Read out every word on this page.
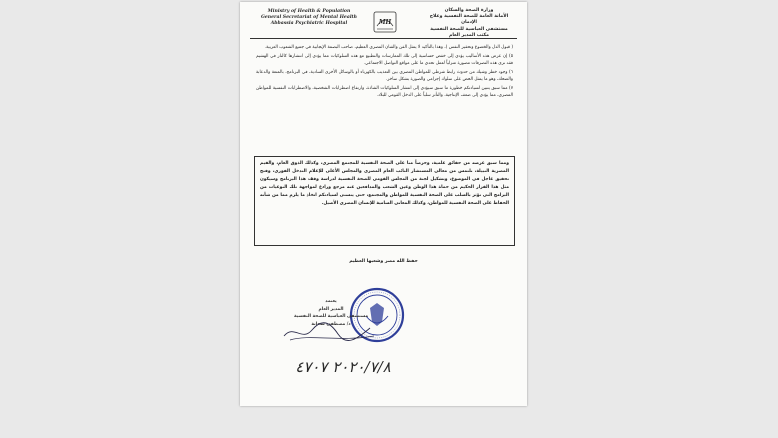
Ministry of Health & Population
General Secretariat of Mental Health
Abbassia Psychiatric Hospital	MH
وزارة الصحة والسكان
الأمانة العامة للصحة النفسية وعلاج الإدمان
مستشفى العباسية للصحة النفسية
مكتب المدير العام

( قبول الذل والخضوع وتحقير النفس )، وهذا بالتأكيد لا يمثل الفن والفنان المصري العظيم، صاحب البصمة الإيجابية في جميع الشعوب العربية.

٥) إن عرض هذه الأساليب يؤدي إلى خفض حساسية إلى تلك الممارسات والتطبيع مع هذه السلوكيات مما يؤدي إلى انتشارها كالنار في الهشيم فقد نرى هذه التصرفات مصورة منزلياً لعمل تحدي ما على مواقع التواصل الاجتماعي.

٦) وجود خطر وشيك من حدوث رابط شرطي للمواطن المصري بين التعذيب بالكهرباء أو بالوسائل الأخرى السادية، في البرنامج، بالمتعة والدعابة والضحك، وهو ما يمثل الحض على سلوك إجرامي والصورة بشكل ساخر.

٧) مما سبق يتبين لسيادتكم خطورة ما سبق سيؤدي إلى انتشار السلوكيات الشاذة، وارتفاع اضطرابات الشخصية، والاضطرابات النفسية للمواطن المصري، مما يؤدي إلى ضعف الإنتاجية، والتأثر سلباً على الدخل القومي للبلاد.

ومما سبق عرضه من حقائق علمية، وحرصاً منا على الصحة النفسية للمجتمع المصري، وكذلك الذوق العام، والقيم المصرية النبيلة، نلتمس من معالي المستشار النائب العام المصري والمجلس الأعلى للإعلام التدخل الفوري، وفتح تحقيق عاجل في الموضوع، وتشكيل لجنة من المجلس القومي للصحة النفسية لدراسة وقف هذا البرنامج وسيكون مثل هذا القرار الحكيم من حماة هذا الوطن وعين الشعب والمدافعين عنه مرجع ورادع لمواجهة تلك النوعيات من البرامج التي تؤثر بالسلب على الصحة النفسية للمواطن والمجتمع، حتى يتسنى لسيادتكم اتخاذ ما يلزم مما من شأنه الحفاظ على الصحة النفسية للمواطن، وكذلك المعاني السامية للإنسان المصري الأصيل.
حفظ الله مصر وشعبها العظيم
يعتمد
المدير العام
مستشفى العباسية للصحة النفسية
د/ مصطفى شحاتة
٢٠٢٠/٧/٨ ٤٧٠٧
